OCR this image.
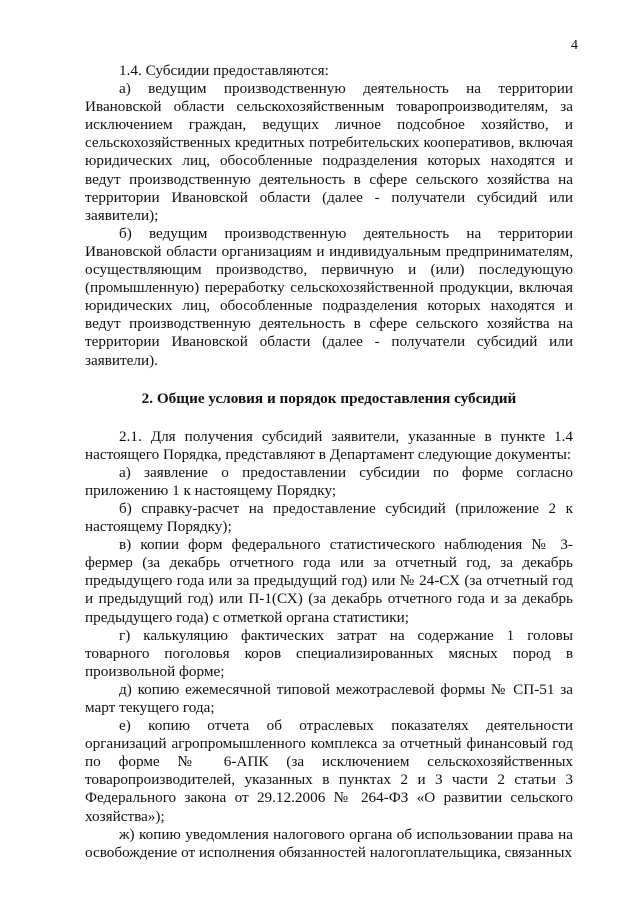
4

1.4. Субсидии предоставляются:

а) ведущим производственную деятельность на территории Ивановской области сельскохозяйственным товаропроизводителям, за исключением граждан, ведущих личное подсобное хозяйство, и сельскохозяйственных кредитных потребительских кооперативов, включая юридических лиц, обособленные подразделения которых находятся и ведут производственную деятельность в сфере сельского хозяйства на территории Ивановской области (далее - получатели субсидий или заявители);

б) ведущим производственную деятельность на территории Ивановской области организациям и индивидуальным предпринимателям, осуществляющим производство, первичную и (или) последующую (промышленную) переработку сельскохозяйственной продукции, включая юридических лиц, обособленные подразделения которых находятся и ведут производственную деятельность в сфере сельского хозяйства на территории Ивановской области (далее - получатели субсидий или заявители).

2. Общие условия и порядок предоставления субсидий

2.1. Для получения субсидий заявители, указанные в пункте 1.4 настоящего Порядка, представляют в Департамент следующие документы:

а) заявление о предоставлении субсидии по форме согласно приложению 1 к настоящему Порядку;

б) справку-расчет на предоставление субсидий (приложение 2 к настоящему Порядку);

в) копии форм федерального статистического наблюдения № 3-фермер (за декабрь отчетного года или за отчетный год, за декабрь предыдущего года или за предыдущий год) или № 24-СХ (за отчетный год и предыдущий год) или П-1(СХ) (за декабрь отчетного года и за декабрь предыдущего года) с отметкой органа статистики;

г) калькуляцию фактических затрат на содержание 1 головы товарного поголовья коров специализированных мясных пород в произвольной форме;

д) копию ежемесячной типовой межотраслевой формы № СП-51 за март текущего года;

е) копию отчета об отраслевых показателях деятельности организаций агропромышленного комплекса за отчетный финансовый год по форме № 6-АПК (за исключением сельскохозяйственных товаропроизводителей, указанных в пунктах 2 и 3 части 2 статьи 3 Федерального закона от 29.12.2006 № 264-ФЗ «О развитии сельского хозяйства»);

ж) копию уведомления налогового органа об использовании права на освобождение от исполнения обязанностей налогоплательщика, связанных
